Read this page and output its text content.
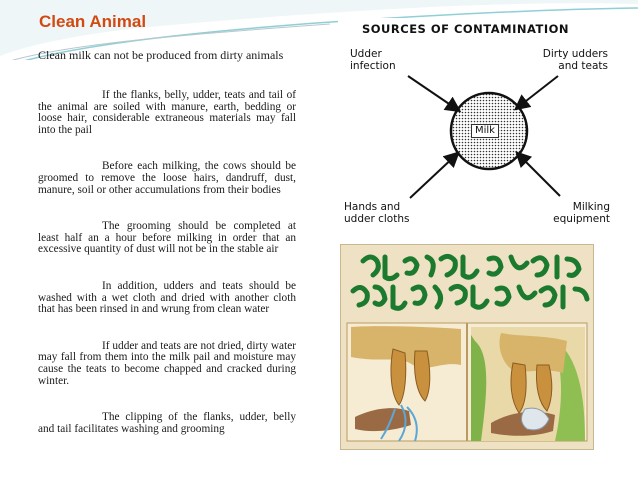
Clean Animal

Clean milk can not be produced from dirty animals

If the flanks, belly, udder, teats and tail of the animal are soiled with manure, earth, bedding or loose hair, considerable extraneous materials may fall into the pail

Before each milking, the cows should be groomed to remove the loose hairs, dandruff, dust, manure, soil or other accumulations from their bodies

The grooming should be completed at least half an a hour before milking in order that an excessive quantity of dust will not be in the stable air

In addition, udders and teats should be washed with a wet cloth and dried with another cloth that has been rinsed in and wrung from clean water

If udder and teats are not dried, dirty water may fall from them into the milk pail and moisture may cause the teats to become chapped and cracked during winter.

The clipping of the flanks, udder, belly and tail facilitates washing and grooming

SOURCES OF CONTAMINATION
Udder infection
Dirty udders and teats
Hands and udder cloths
Milking equipment
Milk
